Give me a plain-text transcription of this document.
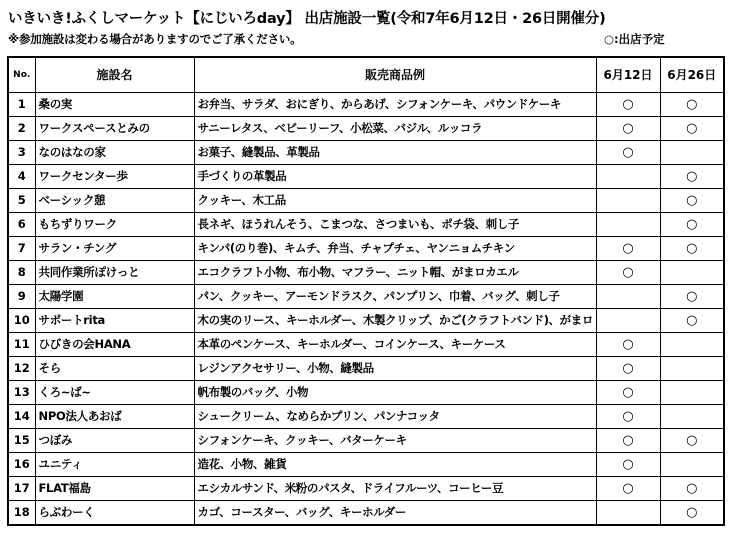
いきいき!ふくしマーケット【にじいろday】 出店施設一覧(令和7年6月12日・26日開催分)
※参加施設は変わる場合がありますのでご了承ください。	○:出店予定
No.	施設名	販売商品例	6月12日	6月26日
1	桑の実	お弁当、サラダ、おにぎり、からあげ、シフォンケーキ、パウンドケーキ	○	○
2	ワークスペースとみの	サニーレタス、ベビーリーフ、小松菜、バジル、ルッコラ	○	○
3	なのはなの家	お菓子、縫製品、革製品	○	
4	ワークセンター歩	手づくりの革製品		○
5	ベーシック憩	クッキー、木工品		○
6	もちずりワーク	長ネギ、ほうれんそう、こまつな、さつまいも、ポチ袋、刺し子		○
7	サラン・チング	キンパ(のり巻)、キムチ、弁当、チャプチェ、ヤンニョムチキン	○	○
8	共同作業所ぽけっと	エコクラフト小物、布小物、マフラー、ニット帽、がまロカエル	○	
9	太陽学園	パン、クッキー、アーモンドラスク、パンプリン、巾着、バッグ、刺し子		○
10	サポートrita	木の実のリース、キーホルダー、木製クリップ、かご(クラフトバンド)、がまロ		○
11	ひびきの会HANA	本革のペンケース、キーホルダー、コインケース、キーケース	○	
12	そら	レジンアクセサリー、小物、縫製品	○	
13	くろ~ば~	帆布製のバッグ、小物	○	
14	NPO法人あおば	シュークリーム、なめらかプリン、パンナコッタ	○	
15	つぼみ	シフォンケーキ、クッキー、バターケーキ	○	○
16	ユニティ	造花、小物、雑貨	○	
17	FLAT福島	エシカルサンド、米粉のパスタ、ドライフルーツ、コーヒー豆	○	○
18	らぶわーく	カゴ、コースター、バッグ、キーホルダー		○
